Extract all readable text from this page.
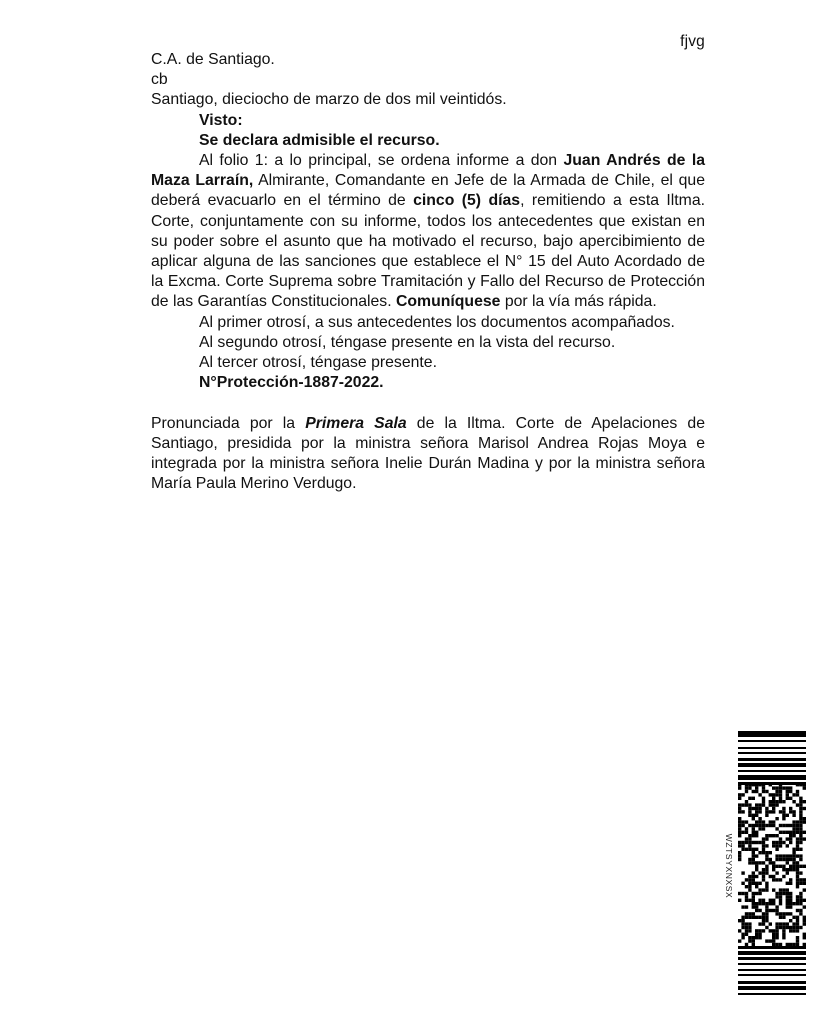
fjvg

C.A. de Santiago.

cb

Santiago, dieciocho de marzo de dos mil veintidós.

Visto:

Se declara admisible el recurso.

Al folio 1: a lo principal, se ordena informe a don Juan Andrés de la Maza Larraín, Almirante, Comandante en Jefe de la Armada de Chile, el que deberá evacuarlo en el término de cinco (5) días, remitiendo a esta Iltma. Corte, conjuntamente con su informe, todos los antecedentes que existan en su poder sobre el asunto que ha motivado el recurso, bajo apercibimiento de aplicar alguna de las sanciones que establece el N° 15 del Auto Acordado de la Excma. Corte Suprema sobre Tramitación y Fallo del Recurso de Protección de las Garantías Constitucionales. Comuníquese por la vía más rápida.

Al primer otrosí, a sus antecedentes los documentos acompañados.

Al segundo otrosí, téngase presente en la vista del recurso.

Al tercer otrosí, téngase presente.

N°Protección-1887-2022.

Pronunciada por la Primera Sala de la Iltma. Corte de Apelaciones de Santiago, presidida por la ministra señora Marisol Andrea Rojas Moya e integrada por la ministra señora Inelie Durán Madina y por la ministra señora María Paula Merino Verdugo.

WZTSYXNXSX
